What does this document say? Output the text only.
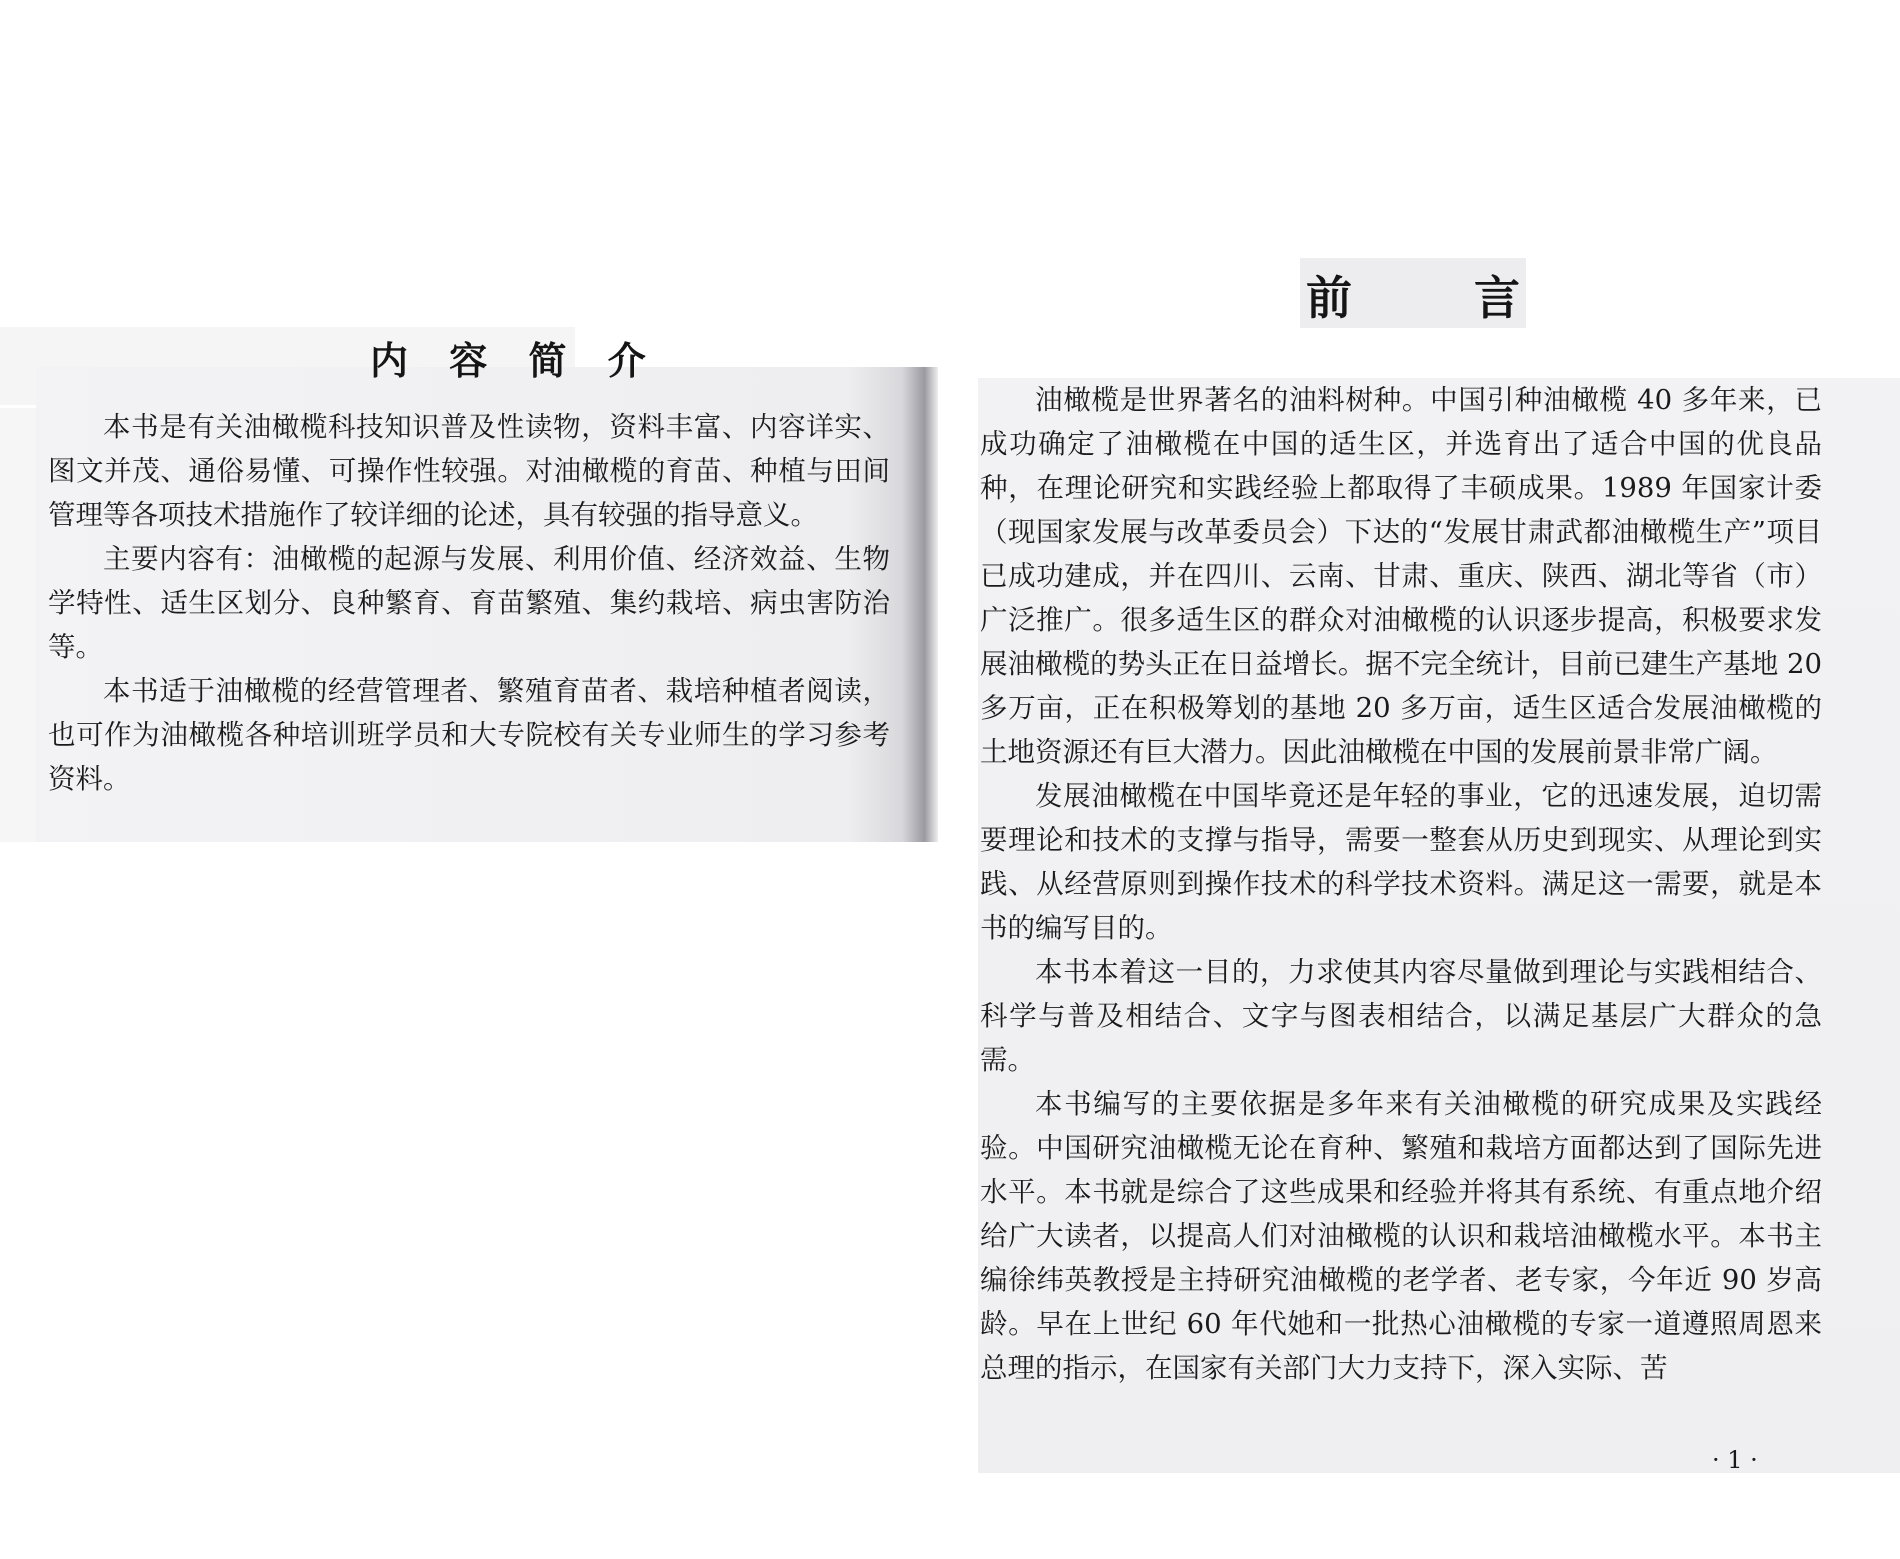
内 容 简 介

本书是有关油橄榄科技知识普及性读物，资料丰富、内容详实、图文并茂、通俗易懂、可操作性较强。对油橄榄的育苗、种植与田间管理等各项技术措施作了较详细的论述，具有较强的指导意义。

主要内容有：油橄榄的起源与发展、利用价值、经济效益、生物学特性、适生区划分、良种繁育、育苗繁殖、集约栽培、病虫害防治等。

本书适于油橄榄的经营管理者、繁殖育苗者、栽培种植者阅读，也可作为油橄榄各种培训班学员和大专院校有关专业师生的学习参考资料。

前	言

油橄榄是世界著名的油料树种。中国引种油橄榄 40 多年来，已成功确定了油橄榄在中国的适生区，并选育出了适合中国的优良品种，在理论研究和实践经验上都取得了丰硕成果。1989 年国家计委（现国家发展与改革委员会）下达的“发展甘肃武都油橄榄生产”项目已成功建成，并在四川、云南、甘肃、重庆、陕西、湖北等省（市）广泛推广。很多适生区的群众对油橄榄的认识逐步提高，积极要求发展油橄榄的势头正在日益增长。据不完全统计，目前已建生产基地 20 多万亩，正在积极筹划的基地 20 多万亩，适生区适合发展油橄榄的土地资源还有巨大潜力。因此油橄榄在中国的发展前景非常广阔。

发展油橄榄在中国毕竟还是年轻的事业，它的迅速发展，迫切需要理论和技术的支撑与指导，需要一整套从历史到现实、从理论到实践、从经营原则到操作技术的科学技术资料。满足这一需要，就是本书的编写目的。

本书本着这一目的，力求使其内容尽量做到理论与实践相结合、科学与普及相结合、文字与图表相结合，以满足基层广大群众的急需。

本书编写的主要依据是多年来有关油橄榄的研究成果及实践经验。中国研究油橄榄无论在育种、繁殖和栽培方面都达到了国际先进水平。本书就是综合了这些成果和经验并将其有系统、有重点地介绍给广大读者，以提高人们对油橄榄的认识和栽培油橄榄水平。本书主编徐纬英教授是主持研究油橄榄的老学者、老专家，今年近 90 岁高龄。早在上世纪 60 年代她和一批热心油橄榄的专家一道遵照周恩来总理的指示，在国家有关部门大力支持下，深入实际、苦

· 1 ·
